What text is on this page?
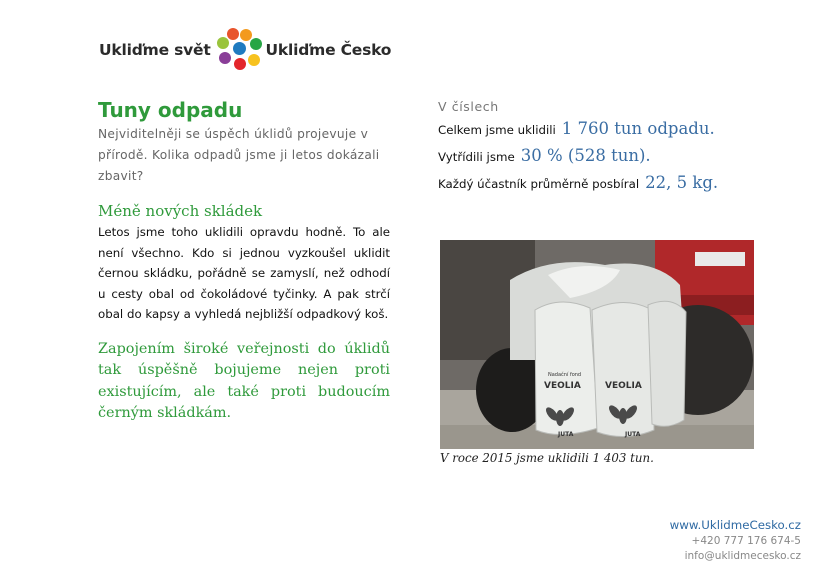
Ukliďme svět	Ukliďme Česko
Tuny odpadu
Nejviditelněji se úspěch úklidů projevuje v přírodě. Kolika odpadů jsme ji letos dokázali zbavit?
Méně nových skládek
Letos jsme toho uklidili opravdu hodně. To ale není všechno. Kdo si jednou vyzkoušel uklidit černou skládku, pořádně se zamyslí, než odhodí u cesty obal od čokoládové tyčinky. A pak strčí obal do kapsy a vyhledá nejbližší odpadkový koš.
Zapojením široké veřejnosti do úklidů tak úspěšně bojujeme nejen proti existujícím, ale také proti budoucím černým skládkám.
V číslech
Celkem jsme uklidili 1 760 tun odpadu.
Vytřídili jsme 30 % (528 tun).
Každý účastník průměrně posbíral 22, 5 kg.
Nadační fond
VEOLIA	VEOLIA
JUTA	JUTA
V roce 2015 jsme uklidili 1 403 tun.
www.UklidmeCesko.cz
+420 777 176 674-5
info@uklidmecesko.cz
